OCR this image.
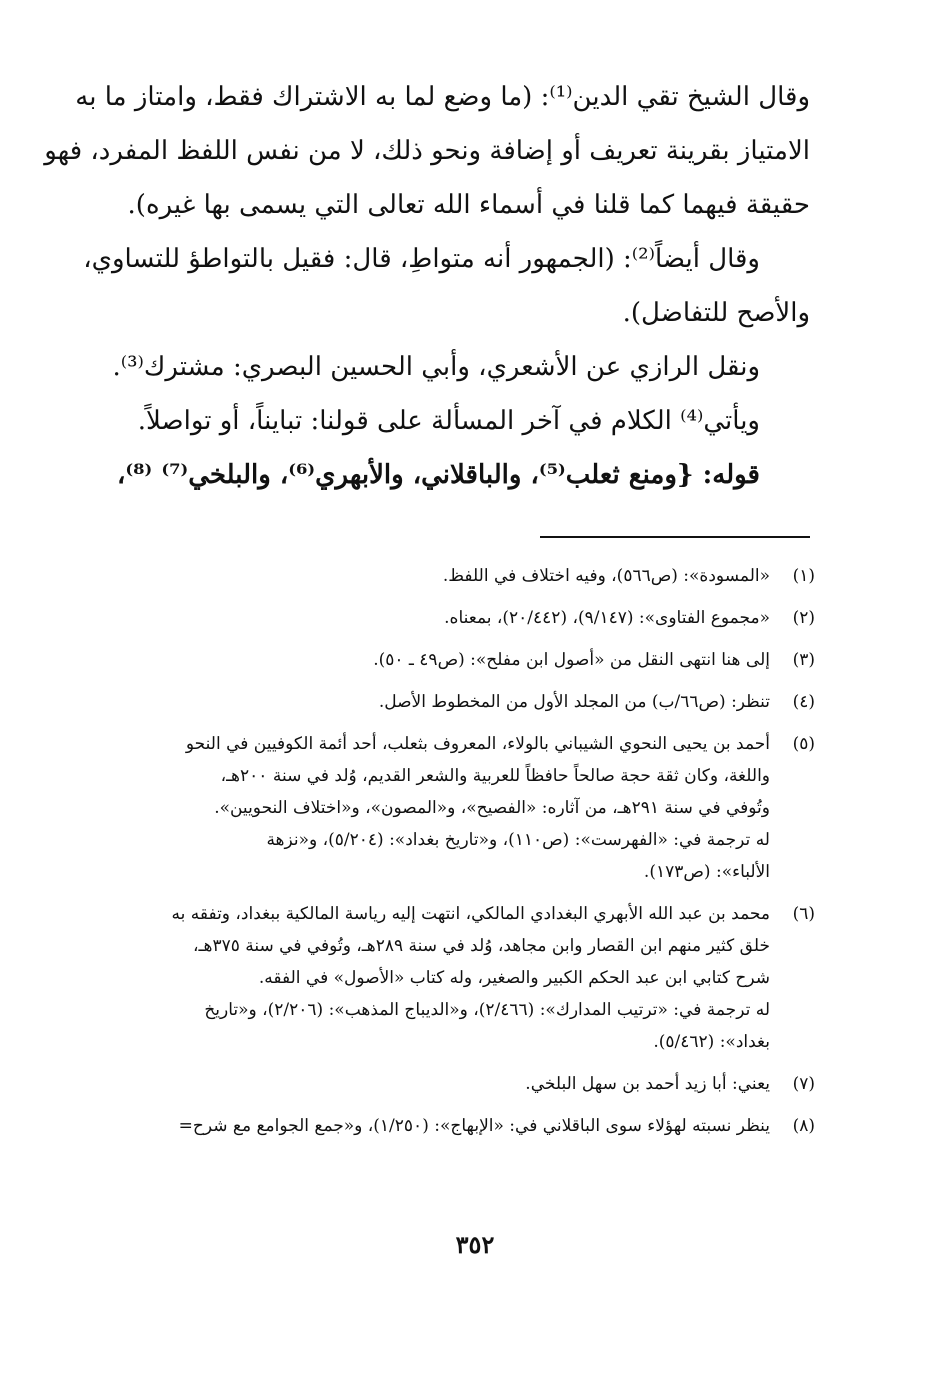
وقال الشيخ تقي الدين⁽¹⁾: (ما وضع لما به الاشتراك فقط، وامتاز ما به
الامتياز بقرينة تعريف أو إضافة ونحو ذلك، لا من نفس اللفظ المفرد، فهو
حقيقة فيهما كما قلنا في أسماء الله تعالى التي يسمى بها غيره).
وقال أيضاً⁽²⁾: (الجمهور أنه متواطِ، قال: فقيل بالتواطؤ للتساوي،
والأصح للتفاضل).
ونقل الرازي عن الأشعري، وأبي الحسين البصري: مشترك⁽³⁾.
ويأتي⁽⁴⁾ الكلام في آخر المسألة على قولنا: تبايناً، أو تواصلاً.
قوله: {ومنع ثعلب⁽⁵⁾، والباقلاني، والأبهري⁽⁶⁾، والبلخي⁽⁷⁾ ⁽⁸⁾،
(١)
«المسودة»: (ص٥٦٦)، وفيه اختلاف في اللفظ.
(٢)
«مجموع الفتاوى»: (٩/١٤٧)، (٢٠/٤٤٢)، بمعناه.
(٣)
إلى هنا انتهى النقل من «أصول ابن مفلح»: (ص٤٩ ـ ٥٠).
(٤)
تنظر: (ص٦٦/ب) من المجلد الأول من المخطوط الأصل.
(٥)
أحمد بن يحيى النحوي الشيباني بالولاء، المعروف بثعلب، أحد أئمة الكوفيين في النحو
واللغة، وكان ثقة حجة صالحاً حافظاً للعربية والشعر القديم، وُلد في سنة ٢٠٠هـ،
وتُوفي في سنة ٢٩١هـ، من آثاره: «الفصيح»، و«المصون»، و«اختلاف النحويين».
له ترجمة في: «الفهرست»: (ص١١٠)، و«تاريخ بغداد»: (٥/٢٠٤)، و«نزهة
الألباء»: (ص١٧٣).
(٦)
محمد بن عبد الله الأبهري البغدادي المالكي، انتهت إليه رياسة المالكية ببغداد، وتفقه به
خلق كثير منهم ابن القصار وابن مجاهد، وُلد في سنة ٢٨٩هـ، وتُوفي في سنة ٣٧٥هـ،
شرح كتابي ابن عبد الحكم الكبير والصغير، وله كتاب «الأصول» في الفقه.
له ترجمة في: «ترتيب المدارك»: (٢/٤٦٦)، و«الديباج المذهب»: (٢/٢٠٦)، و«تاريخ
بغداد»: (٥/٤٦٢).
(٧)
يعني: أبا زيد أحمد بن سهل البلخي.
(٨)
ينظر نسبته لهؤلاء سوى الباقلاني في: «الإبهاج»: (١/٢٥٠)، و«جمع الجوامع مع شرح=
٣٥٢
